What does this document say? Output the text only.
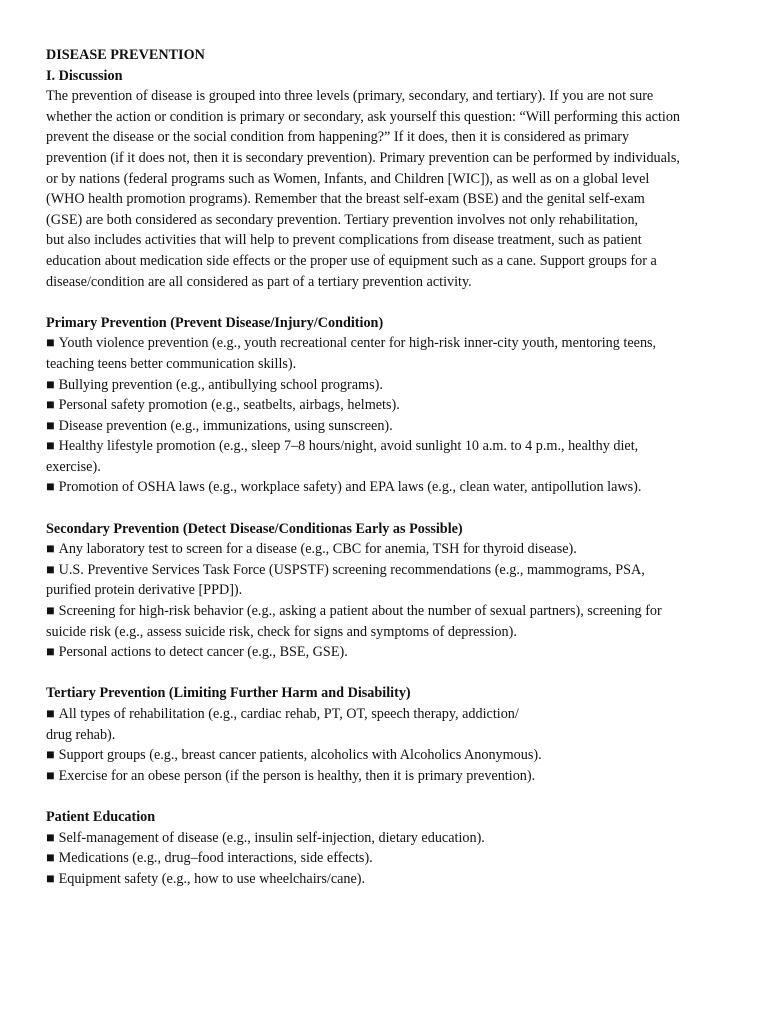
DISEASE PREVENTION
I. Discussion
The prevention of disease is grouped into three levels (primary, secondary, and tertiary). If you are not sure
whether the action or condition is primary or secondary, ask yourself this question: “Will performing this action
prevent the disease or the social condition from happening?” If it does, then it is considered as primary
prevention (if it does not, then it is secondary prevention). Primary prevention can be performed by individuals,
or by nations (federal programs such as Women, Infants, and Children [WIC]), as well as on a global level
(WHO health promotion programs). Remember that the breast self-exam (BSE) and the genital self-exam
(GSE) are both considered as secondary prevention. Tertiary prevention involves not only rehabilitation,
but also includes activities that will help to prevent complications from disease treatment, such as patient
education about medication side effects or the proper use of equipment such as a cane. Support groups for a
disease/condition are all considered as part of a tertiary prevention activity.
Primary Prevention (Prevent Disease/Injury/Condition)
■ Youth violence prevention (e.g., youth recreational center for high-risk inner-city youth, mentoring teens,
teaching teens better communication skills).
■ Bullying prevention (e.g., antibullying school programs).
■ Personal safety promotion (e.g., seatbelts, airbags, helmets).
■ Disease prevention (e.g., immunizations, using sunscreen).
■ Healthy lifestyle promotion (e.g., sleep 7–8 hours/night, avoid sunlight 10 a.m. to 4 p.m., healthy diet,
exercise).
■ Promotion of OSHA laws (e.g., workplace safety) and EPA laws (e.g., clean water, antipollution laws).
Secondary Prevention (Detect Disease/Conditionas Early as Possible)
■ Any laboratory test to screen for a disease (e.g., CBC for anemia, TSH for thyroid disease).
■ U.S. Preventive Services Task Force (USPSTF) screening recommendations (e.g., mammograms, PSA,
purified protein derivative [PPD]).
■ Screening for high-risk behavior (e.g., asking a patient about the number of sexual partners), screening for
suicide risk (e.g., assess suicide risk, check for signs and symptoms of depression).
■ Personal actions to detect cancer (e.g., BSE, GSE).
Tertiary Prevention (Limiting Further Harm and Disability)
■ All types of rehabilitation (e.g., cardiac rehab, PT, OT, speech therapy, addiction/
drug rehab).
■ Support groups (e.g., breast cancer patients, alcoholics with Alcoholics Anonymous).
■ Exercise for an obese person (if the person is healthy, then it is primary prevention).
Patient Education
■ Self-management of disease (e.g., insulin self-injection, dietary education).
■ Medications (e.g., drug–food interactions, side effects).
■ Equipment safety (e.g., how to use wheelchairs/cane).
